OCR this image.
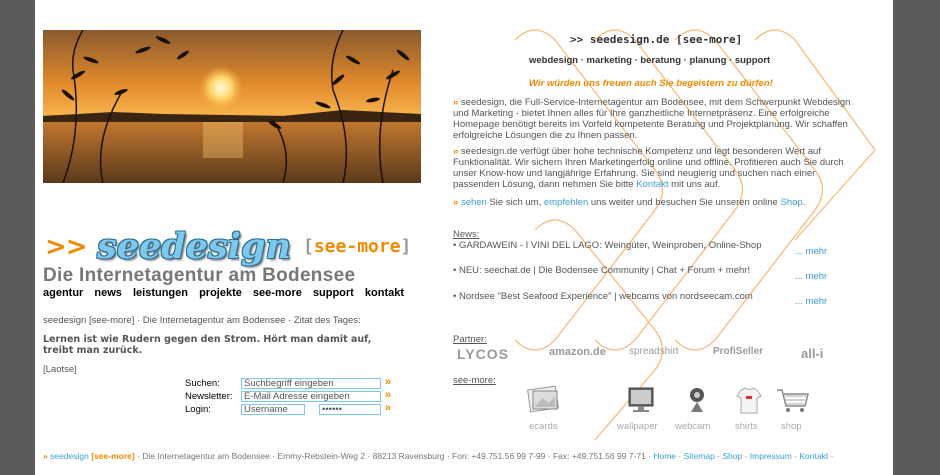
>> seedesign [see-more]
Die Internetagentur am Bodensee
agentur news leistungen projekte see-more support kontakt
seedesign [see-more] · Die Internetagentur am Bodensee · Zitat des Tages:
Lernen ist wie Rudern gegen den Strom. Hört man damit auf, treibt man zurück.
[Laotse]
Suchen:
Suchbegriff eingeben	»
Newsletter:
E-Mail Adresse eingeben	»
Login:
Username
••••••	»
>> seedesign.de [see-more]
webdesign · marketing · beratung · planung · support
Wir würden uns freuen auch Sie begeistern zu dürfen!
» seedesign, die Full-Service-Internetagentur am Bodensee, mit dem Schwerpunkt Webdesign und Marketing - bietet Ihnen alles für Ihre ganzheitliche Internetpräsenz. Eine erfolgreiche Homepage benötigt bereits im Vorfeld kompetente Beratung und Projektplanung. Wir schaffen erfolgreiche Lösungen die zu Ihnen passen.
» seedesign.de verfügt über hohe technische Kompetenz und legt besonderen Wert auf Funktionalität. Wir sichern Ihren Marketingerfolg online und offline. Profitieren auch Sie durch unser Know-how und langjährige Erfahrung. Sie sind neugierig und suchen nach einer passenden Lösung, dann nehmen Sie bitte Kontakt mit uns auf.
» sehen Sie sich um, empfehlen uns weiter und besuchen Sie unseren online Shop.
News:
• GARDAWEIN - I VINI DEL LAGO: Weingüter, Weinproben, Online-Shop
... mehr
• NEU: seechat.de | Die Bodensee Community | Chat + Forum + mehr!
... mehr
• Nordsee "Best Seafood Experience" | webcams von nordseecam.com	... mehr
Partner:
LYCOS	amazon.de spreadshirt	ProfiSeller	all-i
see-more:
ecards	wallpaper webcam	shirts shop
» seedesign [see-more] · Die Internetagentur am Bodensee · Emmy-Rebstein-Weg 2 · 88213 Ravensburg · Fon: +49.751.56 99 7-99 · Fax: +49.751.56 99 7-71 · Home · Sitemap · Shop · Impressum · Kontakt ·
